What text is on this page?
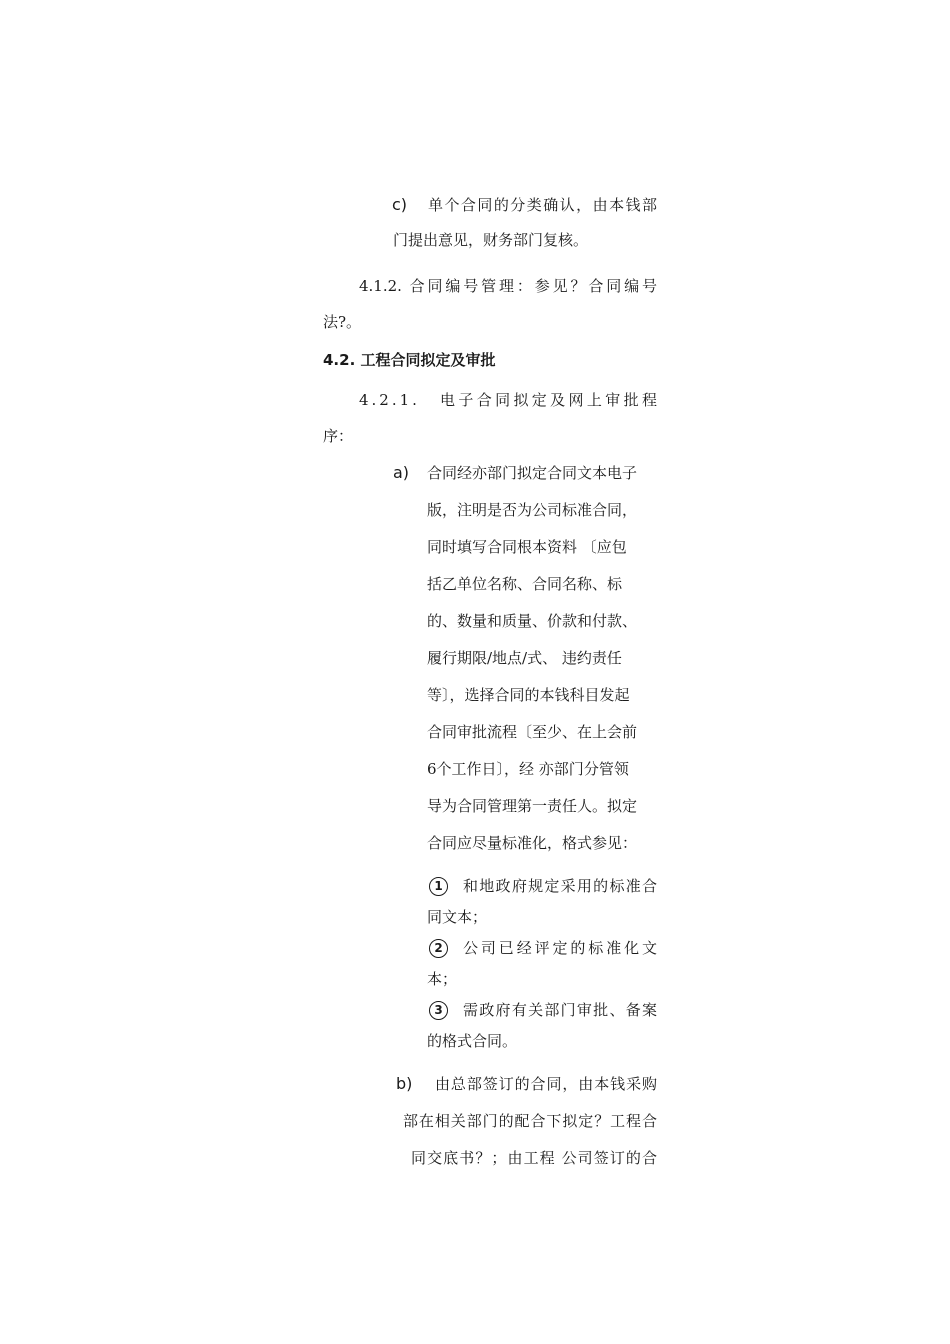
c) 单个合同的分类确认，由本钱部
门提出意见，财务部门复核。
4.1.2. 合同编号管理：参见？合同编号
法?。
4.2. 工程合同拟定及审批
4.2.1. 电子合同拟定及网上审批程
序：
a) 合同经亦部门拟定合同文本电子
版，注明是否为公司标准合同，
同时填写合同根本资料 〔应包
括乙单位名称、合同名称、标
的、数量和质量、价款和付款、
履行期限/地点/式、 违约责任
等〕，选择合同的本钱科目发起
合同审批流程〔至少、在上会前
6个工作日〕，经 亦部门分管领
导为合同管理第一责任人。拟定
合同应尽量标准化，格式参见：
1	和地政府规定采用的标准合
同文本；
2	公司已经评定的标准化文
本；
3	需政府有关部门审批、备案
的格式合同。
b) 由总部签订的合同，由本钱采购
部在相关部门的配合下拟定？工程合
同交底书？；由工程 公司签订的合
